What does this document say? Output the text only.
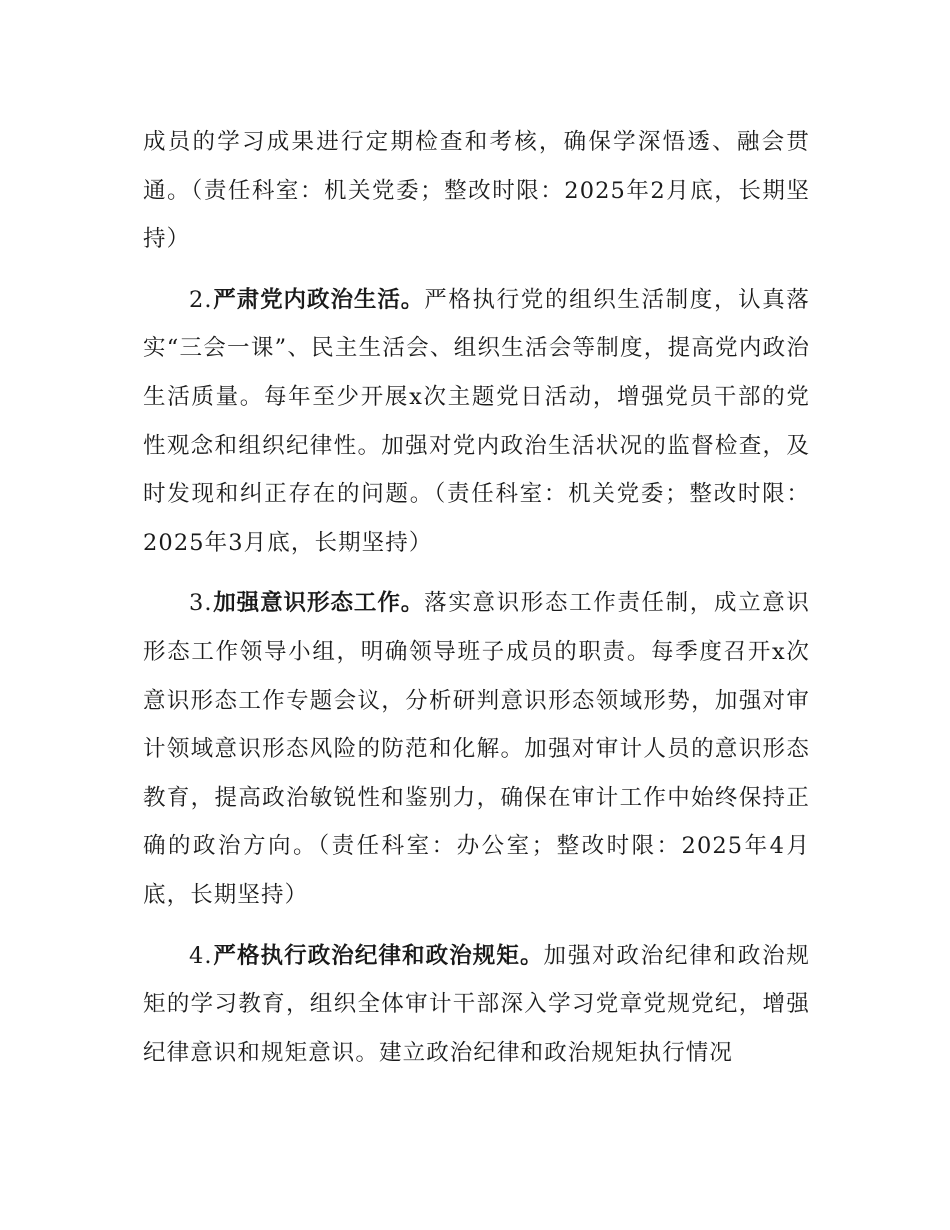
成员的学习成果进行定期检查和考核，确保学深悟透、融会贯通。（责任科室：机关党委；整改时限：2025年2月底，长期坚持）

2.严肃党内政治生活。严格执行党的组织生活制度，认真落实“三会一课”、民主生活会、组织生活会等制度，提高党内政治生活质量。每年至少开展x次主题党日活动，增强党员干部的党性观念和组织纪律性。加强对党内政治生活状况的监督检查，及时发现和纠正存在的问题。（责任科室：机关党委；整改时限：2025年3月底，长期坚持）

3.加强意识形态工作。落实意识形态工作责任制，成立意识形态工作领导小组，明确领导班子成员的职责。每季度召开x次意识形态工作专题会议，分析研判意识形态领域形势，加强对审计领域意识形态风险的防范和化解。加强对审计人员的意识形态教育，提高政治敏锐性和鉴别力，确保在审计工作中始终保持正确的政治方向。（责任科室：办公室；整改时限：2025年4月底，长期坚持）

4.严格执行政治纪律和政治规矩。加强对政治纪律和政治规矩的学习教育，组织全体审计干部深入学习党章党规党纪，增强纪律意识和规矩意识。建立政治纪律和政治规矩执行情况
